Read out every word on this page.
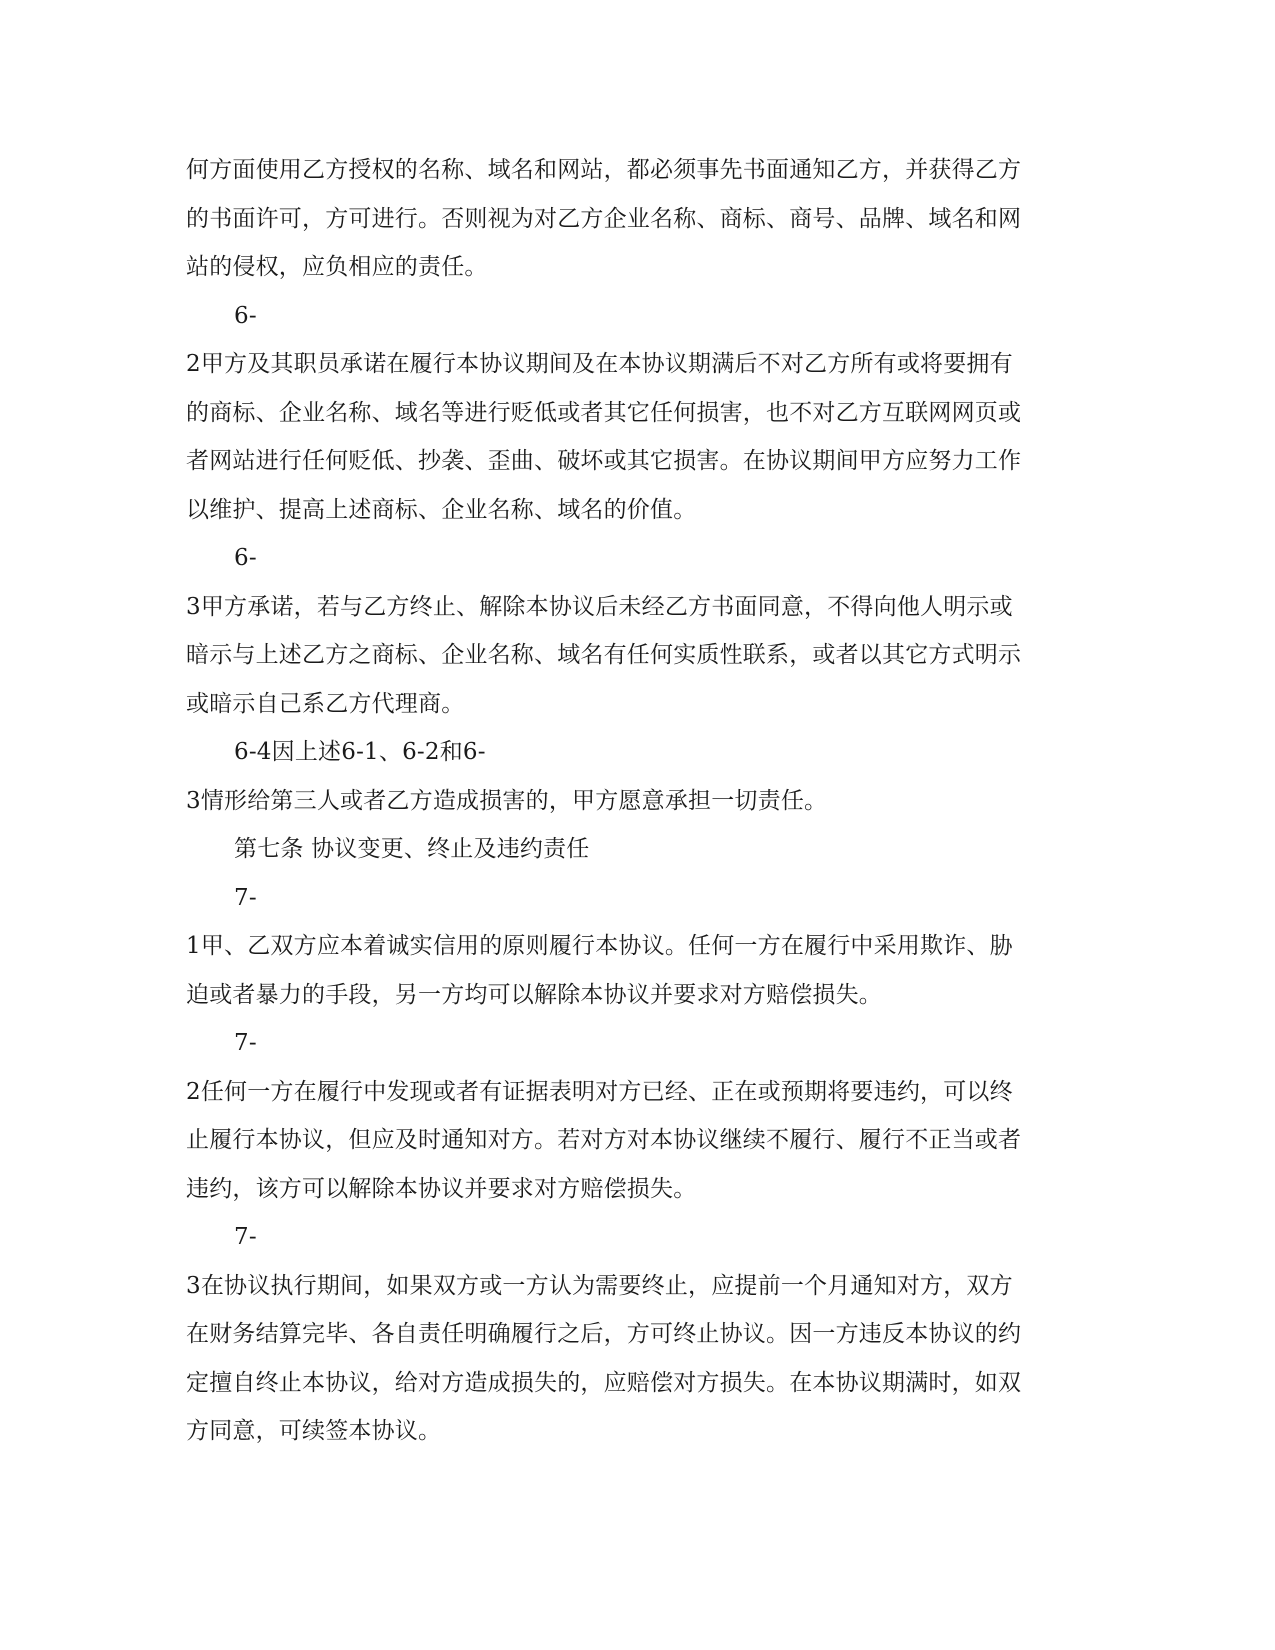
何方面使用乙方授权的名称、域名和网站，都必须事先书面通知乙方，并获得乙方
的书面许可，方可进行。否则视为对乙方企业名称、商标、商号、品牌、域名和网
站的侵权，应负相应的责任。
6-
2甲方及其职员承诺在履行本协议期间及在本协议期满后不对乙方所有或将要拥有
的商标、企业名称、域名等进行贬低或者其它任何损害，也不对乙方互联网网页或
者网站进行任何贬低、抄袭、歪曲、破坏或其它损害。在协议期间甲方应努力工作
以维护、提高上述商标、企业名称、域名的价值。
6-
3甲方承诺，若与乙方终止、解除本协议后未经乙方书面同意，不得向他人明示或
暗示与上述乙方之商标、企业名称、域名有任何实质性联系，或者以其它方式明示
或暗示自己系乙方代理商。
6-4因上述6-1、6-2和6-
3情形给第三人或者乙方造成损害的，甲方愿意承担一切责任。
第七条 协议变更、终止及违约责任
7-
1甲、乙双方应本着诚实信用的原则履行本协议。任何一方在履行中采用欺诈、胁
迫或者暴力的手段，另一方均可以解除本协议并要求对方赔偿损失。
7-
2任何一方在履行中发现或者有证据表明对方已经、正在或预期将要违约，可以终
止履行本协议，但应及时通知对方。若对方对本协议继续不履行、履行不正当或者
违约，该方可以解除本协议并要求对方赔偿损失。
7-
3在协议执行期间，如果双方或一方认为需要终止，应提前一个月通知对方，双方
在财务结算完毕、各自责任明确履行之后，方可终止协议。因一方违反本协议的约
定擅自终止本协议，给对方造成损失的，应赔偿对方损失。在本协议期满时，如双
方同意，可续签本协议。
